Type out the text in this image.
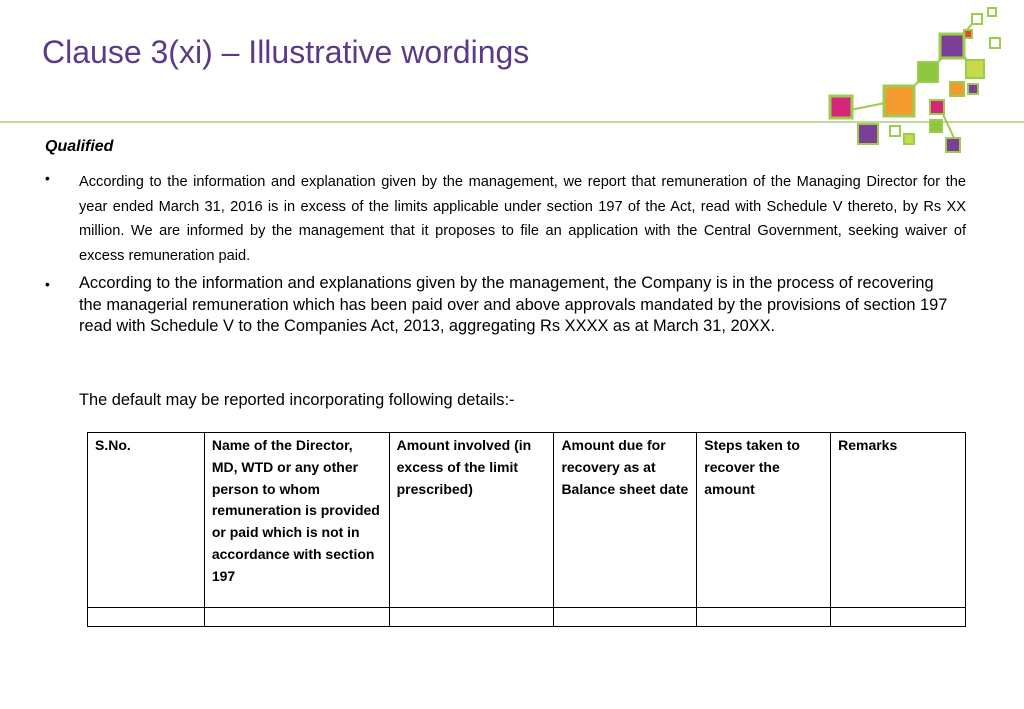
Clause 3(xi) – Illustrative wordings
Qualified
• According to the information and explanation given by the management, we report that remuneration of the Managing Director for the year ended March 31, 2016 is in excess of the limits applicable under section 197 of the Act, read with Schedule V thereto, by Rs XX million. We are informed by the management that it proposes to file an application with the Central Government, seeking waiver of excess remuneration paid.
• According to the information and explanations given by the management, the Company is in the process of recovering the managerial remuneration which has been paid over and above approvals mandated by the provisions of section 197 read with Schedule V to the Companies Act, 2013, aggregating Rs XXXX as at March 31, 20XX.
The default may be reported incorporating following details:-
S.No.	Name of the Director, MD, WTD or any other person to whom remuneration is provided or paid which is not in accordance with section 197	Amount involved (in excess of the limit prescribed)	Amount due for recovery as at Balance sheet date	Steps taken to recover the amount	Remarks
